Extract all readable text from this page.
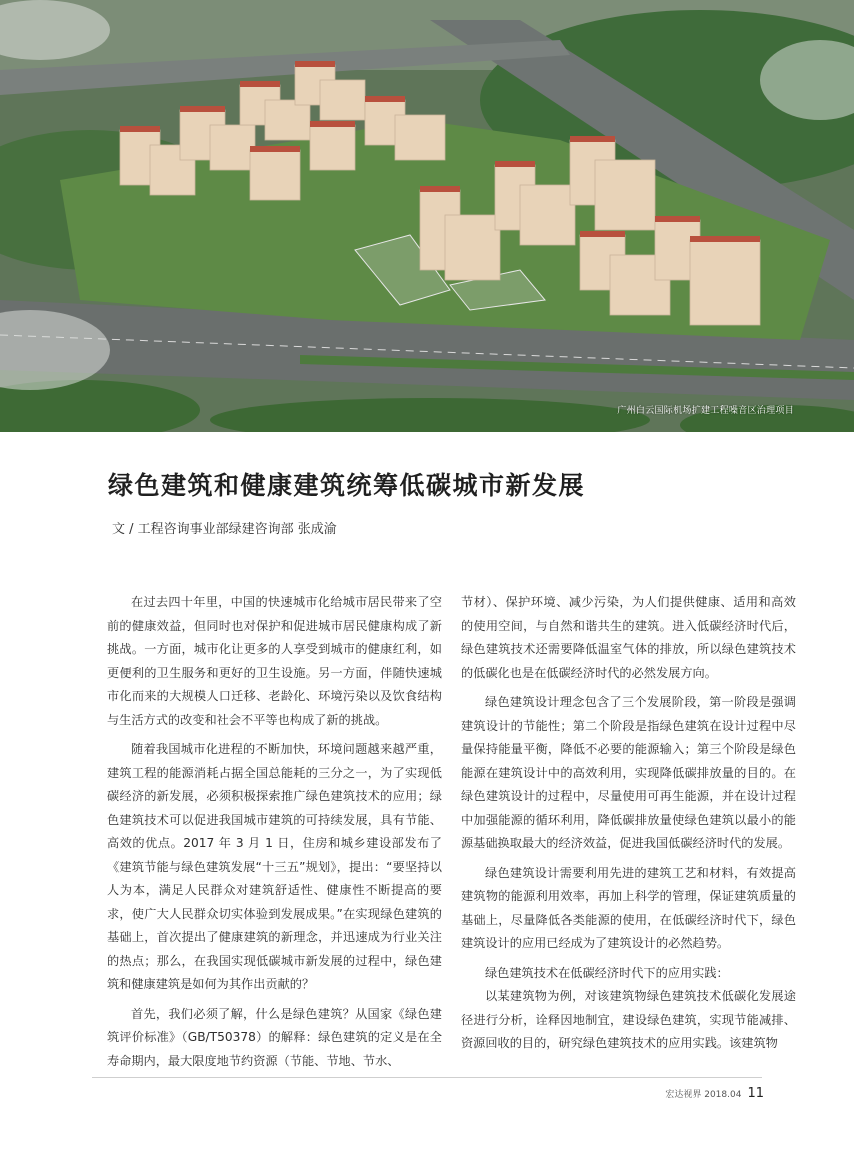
广州白云国际机场扩建工程噪音区治理项目
绿色建筑和健康建筑统筹低碳城市新发展
文 / 工程咨询事业部绿建咨询部 张成渝

在过去四十年里，中国的快速城市化给城市居民带来了空前的健康效益，但同时也对保护和促进城市居民健康构成了新挑战。一方面，城市化让更多的人享受到城市的健康红利，如更便利的卫生服务和更好的卫生设施。另一方面，伴随快速城市化而来的大规模人口迁移、老龄化、环境污染以及饮食结构与生活方式的改变和社会不平等也构成了新的挑战。

随着我国城市化进程的不断加快，环境问题越来越严重，建筑工程的能源消耗占据全国总能耗的三分之一，为了实现低碳经济的新发展，必须积极探索推广绿色建筑技术的应用；绿色建筑技术可以促进我国城市建筑的可持续发展，具有节能、高效的优点。2017 年 3 月 1 日，住房和城乡建设部发布了《建筑节能与绿色建筑发展“十三五”规划》，提出：“要坚持以人为本，满足人民群众对建筑舒适性、健康性不断提高的要求，使广大人民群众切实体验到发展成果。”在实现绿色建筑的基础上，首次提出了健康建筑的新理念，并迅速成为行业关注的热点；那么，在我国实现低碳城市新发展的过程中，绿色建筑和健康建筑是如何为其作出贡献的？

首先，我们必须了解，什么是绿色建筑？从国家《绿色建筑评价标准》（GB/T50378）的解释：绿色建筑的定义是在全寿命期内，最大限度地节约资源（节能、节地、节水、

节材）、保护环境、减少污染，为人们提供健康、适用和高效的使用空间，与自然和谐共生的建筑。进入低碳经济时代后，绿色建筑技术还需要降低温室气体的排放，所以绿色建筑技术的低碳化也是在低碳经济时代的必然发展方向。

绿色建筑设计理念包含了三个发展阶段，第一阶段是强调建筑设计的节能性；第二个阶段是指绿色建筑在设计过程中尽量保持能量平衡，降低不必要的能源输入；第三个阶段是绿色能源在建筑设计中的高效利用，实现降低碳排放量的目的。在绿色建筑设计的过程中，尽量使用可再生能源，并在设计过程中加强能源的循环利用，降低碳排放量使绿色建筑以最小的能源基础换取最大的经济效益，促进我国低碳经济时代的发展。

绿色建筑设计需要利用先进的建筑工艺和材料，有效提高建筑物的能源利用效率，再加上科学的管理，保证建筑质量的基础上，尽量降低各类能源的使用，在低碳经济时代下，绿色建筑设计的应用已经成为了建筑设计的必然趋势。

绿色建筑技术在低碳经济时代下的应用实践：

以某建筑物为例，对该建筑物绿色建筑技术低碳化发展途径进行分析，诠释因地制宜，建设绿色建筑，实现节能减排、资源回收的目的，研究绿色建筑技术的应用实践。该建筑物

宏达视界 2018.04 11
